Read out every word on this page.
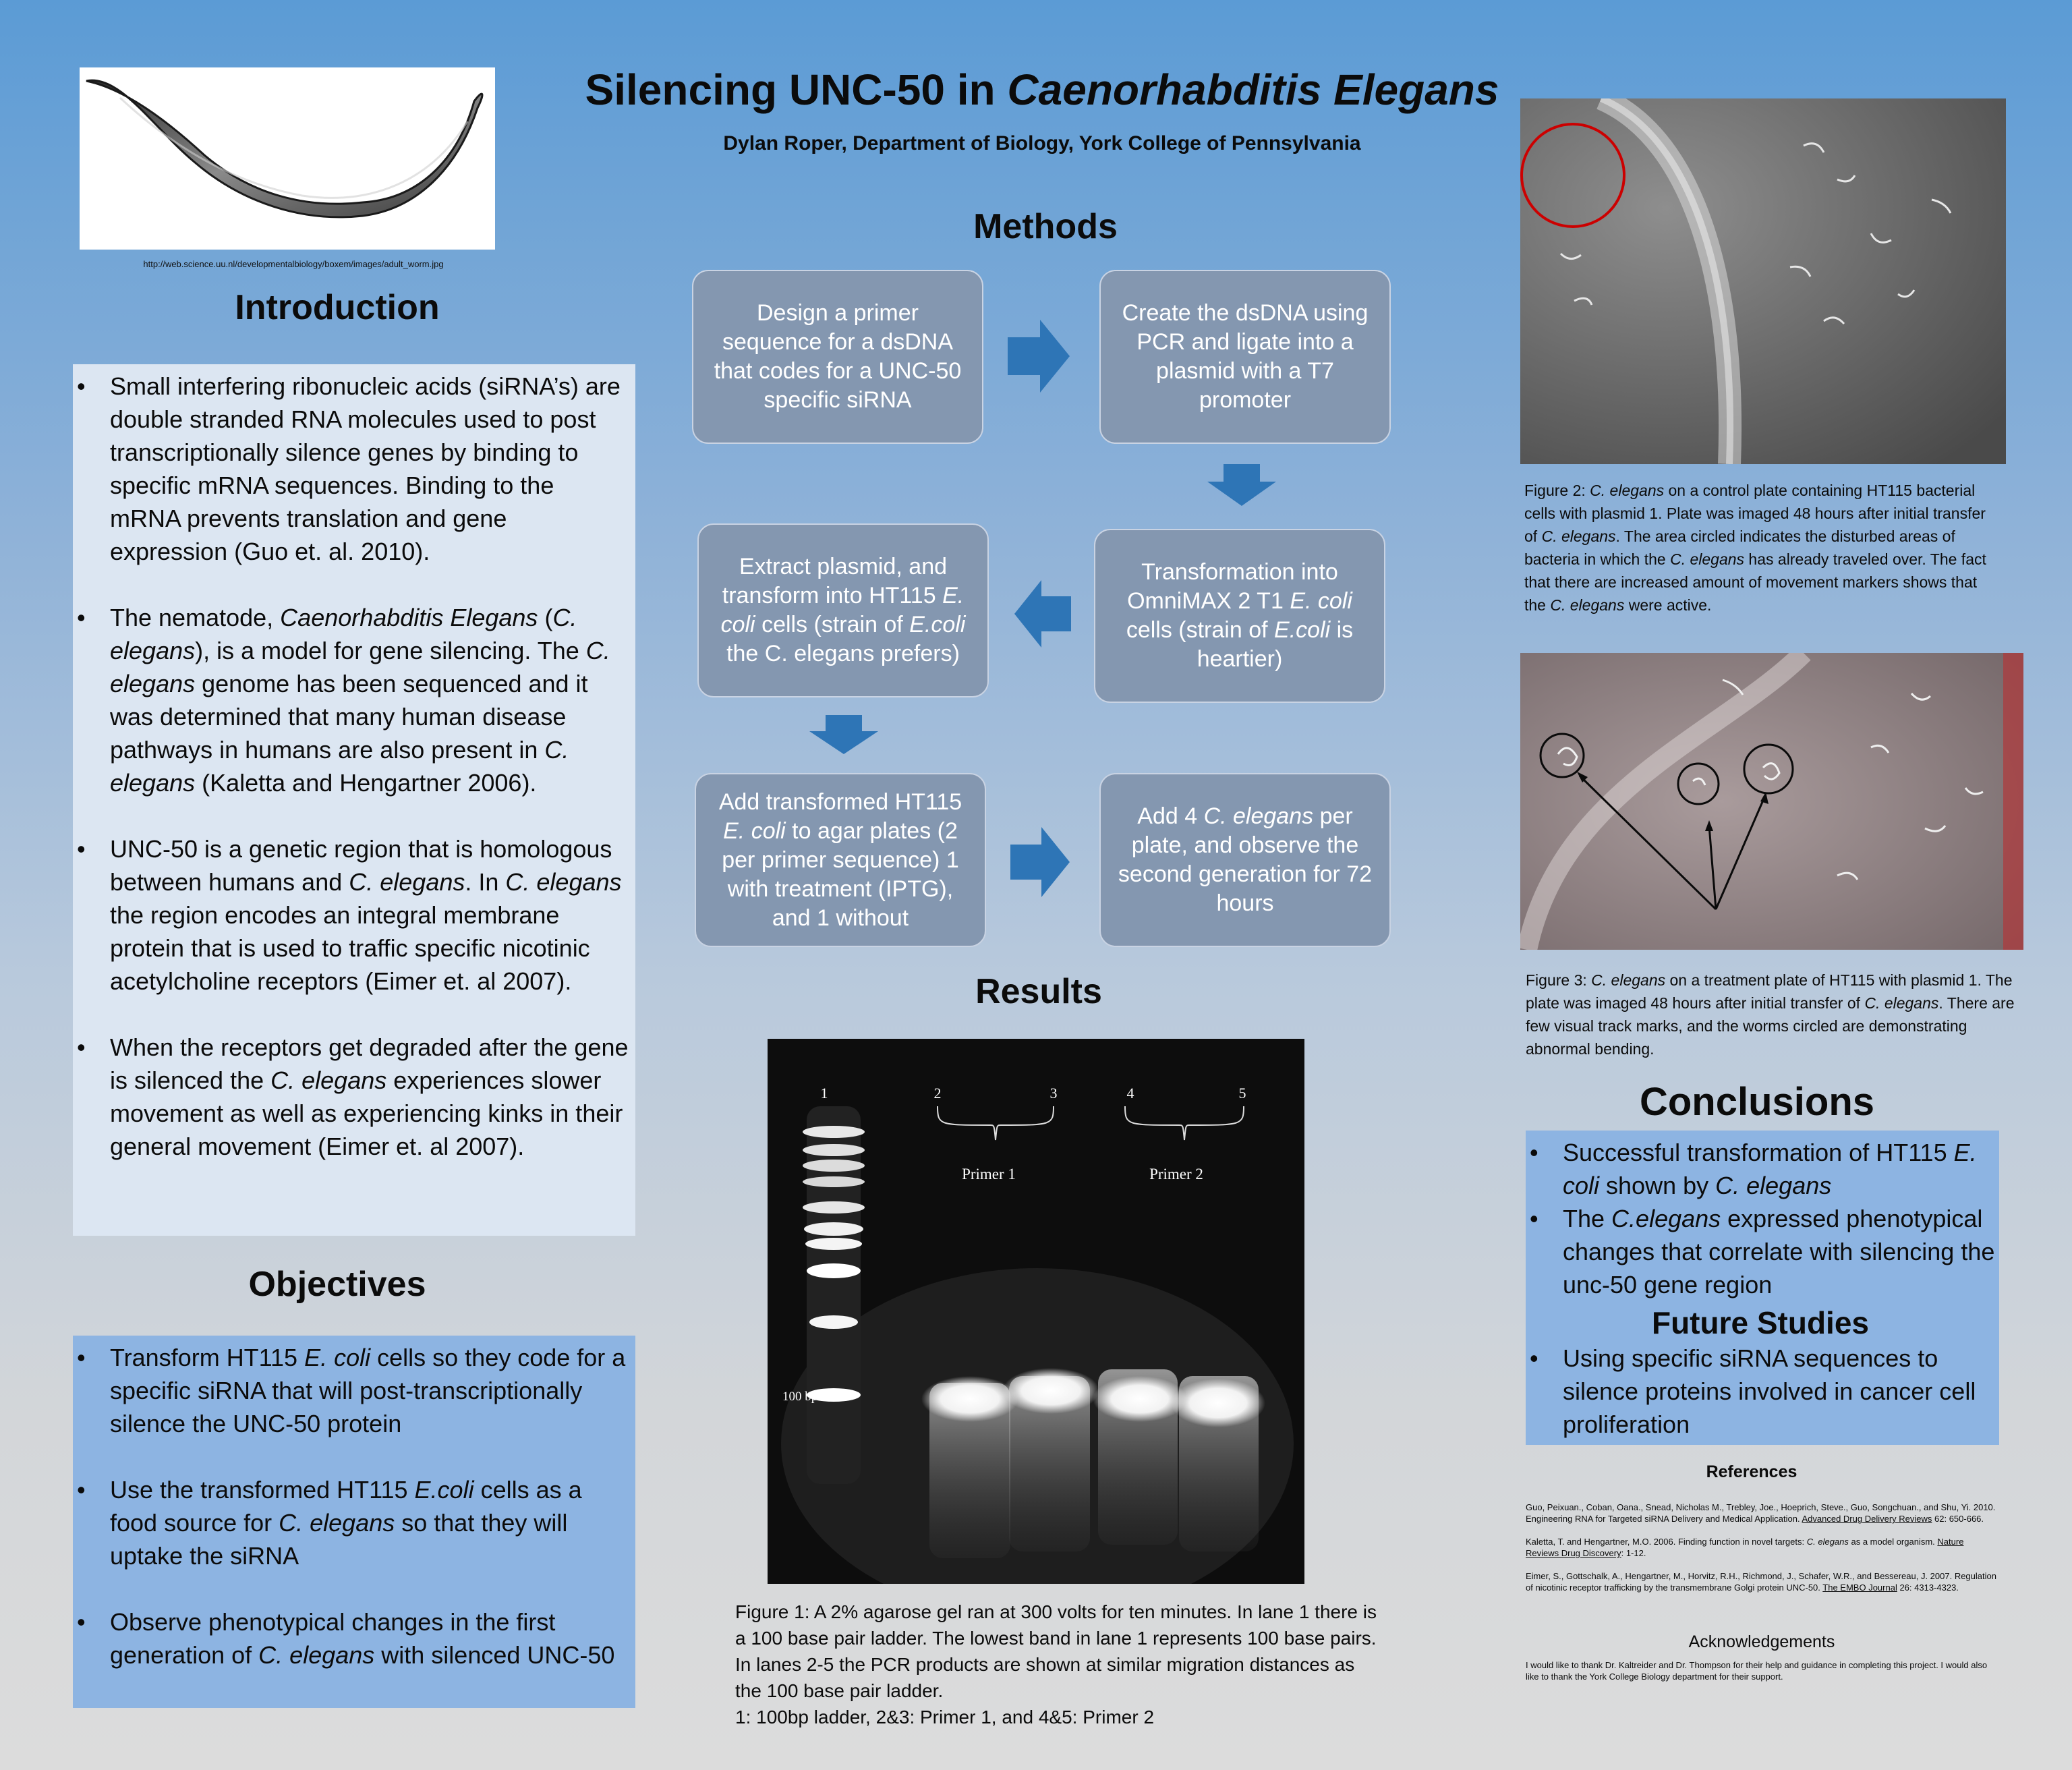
http://web.science.uu.nl/developmentalbiology/boxem/images/adult_worm.jpg
Silencing UNC-50 in Caenorhabditis Elegans
Dylan Roper, Department of Biology, York College of Pennsylvania
Introduction
• Small interfering ribonucleic acids (siRNA’s) are double stranded RNA molecules used to post transcriptionally silence genes by binding to specific mRNA sequences. Binding to the mRNA prevents translation and gene expression (Guo et. al. 2010).
• The nematode, Caenorhabditis Elegans (C. elegans), is a model for gene silencing. The C. elegans genome has been sequenced and it was determined that many human disease pathways in humans are also present in C. elegans (Kaletta and Hengartner 2006).
• UNC-50 is a genetic region that is homologous between humans and C. elegans. In C. elegans the region encodes an integral membrane protein that is used to traffic specific nicotinic acetylcholine receptors (Eimer et. al 2007).
• When the receptors get degraded after the gene is silenced the C. elegans experiences slower movement as well as experiencing kinks in their general movement (Eimer et. al 2007).
Objectives
• Transform HT115 E. coli cells so they code for a specific siRNA that will post-transcriptionally silence the UNC-50 protein
• Use the transformed HT115 E.coli cells as a food source for C. elegans so that they will uptake the siRNA
• Observe phenotypical changes in the first generation of C. elegans with silenced UNC-50
Methods
Design a primer sequence for a dsDNA that codes for a UNC-50 specific siRNA
Create the dsDNA using PCR and ligate into a plasmid with a T7 promoter
Transformation into OmniMAX 2 T1 E. coli cells (strain of E.coli is heartier)
Extract plasmid, and transform into HT115 E. coli cells (strain of E.coli the C. elegans prefers)
Add transformed HT115 E. coli to agar plates (2 per primer sequence) 1 with treatment (IPTG), and 1 without
Add 4 C. elegans per plate, and observe the second generation for 72 hours
Results
1	2	3	4	5
Primer 1	Primer 2
100 bp
Figure 1: A 2% agarose gel ran at 300 volts for ten minutes. In lane 1 there is
a 100 base pair ladder. The lowest band in lane 1 represents 100 base pairs.
In lanes 2-5 the PCR products are shown at similar migration distances as
the 100 base pair ladder.
1: 100bp ladder, 2&3: Primer 1, and 4&5: Primer 2
Figure 2: C. elegans on a control plate containing HT115 bacterial cells with plasmid 1. Plate was imaged 48 hours after initial transfer of C. elegans. The area circled indicates the disturbed areas of bacteria in which the C. elegans has already traveled over. The fact that there are increased amount of movement markers shows that the C. elegans were active.
Figure 3: C. elegans on a treatment plate of HT115 with plasmid 1. The plate was imaged 48 hours after initial transfer of C. elegans. There are few visual track marks, and the worms circled are demonstrating abnormal bending.
Conclusions
• Successful transformation of HT115 E. coli shown by C. elegans
• The C.elegans expressed phenotypical changes that correlate with silencing the unc-50 gene region
Future Studies
• Using specific siRNA sequences to silence proteins involved in cancer cell proliferation
References
Guo, Peixuan., Coban, Oana., Snead, Nicholas M., Trebley, Joe., Hoeprich, Steve., Guo, Songchuan., and Shu, Yi. 2010. Engineering RNA for Targeted siRNA Delivery and Medical Application. Advanced Drug Delivery Reviews 62: 650-666.
Kaletta, T. and Hengartner, M.O. 2006. Finding function in novel targets: C. elegans as a model organism. Nature Reviews Drug Discovery: 1-12.
Eimer, S., Gottschalk, A., Hengartner, M., Horvitz, R.H., Richmond, J., Schafer, W.R., and Bessereau, J. 2007. Regulation of nicotinic receptor trafficking by the transmembrane Golgi protein UNC-50. The EMBO Journal 26: 4313-4323.
Acknowledgements
I would like to thank Dr. Kaltreider and Dr. Thompson for their help and guidance in completing this project. I would also like to thank the York College Biology department for their support.
